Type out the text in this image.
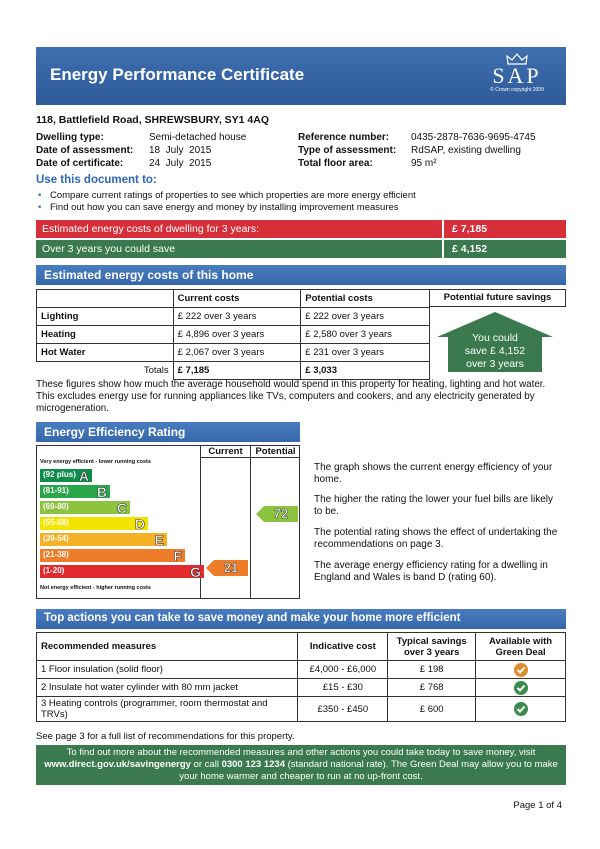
Energy Performance Certificate	SAP
© Crown copyright 2009
118, Battlefield Road, SHREWSBURY, SY1 4AQ
Dwelling type:	Semi-detached house
Date of assessment: 18  July  2015
Date of certificate:	24  July  2015
Reference number: 0435-2878-7636-9695-4745
Type of assessment: RdSAP, existing dwelling
Total floor area:	95 m²
Use this document to:
• Compare current ratings of properties to see which properties are more energy efficient
• Find out how you can save energy and money by installing improvement measures
Estimated energy costs of dwelling for 3 years:	£ 7,185
Over 3 years you could save	£ 4,152
Estimated energy costs of this home
	Current costs	Potential costs
Lighting	£ 222 over 3 years	£ 222 over 3 years
Heating	£ 4,896 over 3 years	£ 2,580 over 3 years
Hot Water	£ 2,067 over 3 years	£ 231 over 3 years
Totals	£ 7,185	£ 3,033
Potential future savings
You could
save £ 4,152
over 3 years
These figures show how much the average household would spend in this property for heating, lighting and hot water. This excludes energy use for running appliances like TVs, computers and cookers, and any electricity generated by microgeneration.
Energy Efficiency Rating
Current	Potential
Very energy efficient - lower running costs
(92 plus) A
(81-91) B
(69-80)	C
(55-68)	D
(39-54)	E
(21-38)	F
(1-20)	G
Not energy efficient - higher running costs
21
72
The graph shows the current energy efficiency of your home.
The higher the rating the lower your fuel bills are likely to be.
The potential rating shows the effect of undertaking the recommendations on page 3.
The average energy efficiency rating for a dwelling in England and Wales is band D (rating 60).
Top actions you can take to save money and make your home more efficient
Recommended measures	Indicative cost	Typical savings over 3 years	Available with Green Deal
1 Floor insulation (solid floor)	£4,000 - £6,000	£ 198	

2 Insulate hot water cylinder with 80 mm jacket	£15 - £30	£ 768	

3 Heating controls (programmer, room thermostat and TRVs)	£350 - £450	£ 600	
See page 3 for a full list of recommendations for this property.
To find out more about the recommended measures and other actions you could take today to save money, visit www.direct.gov.uk/savingenergy or call 0300 123 1234 (standard national rate). The Green Deal may allow you to make your home warmer and cheaper to run at no up-front cost.
Page 1 of 4
